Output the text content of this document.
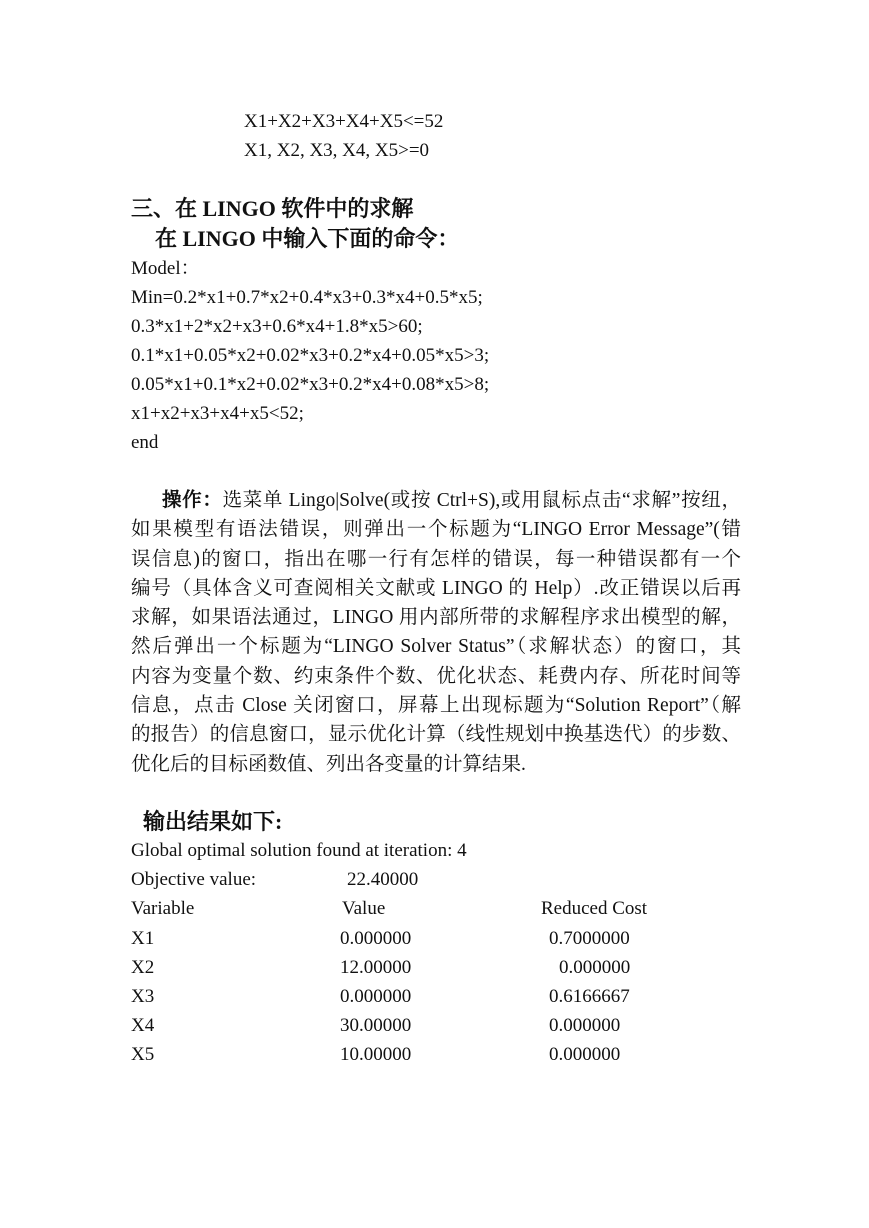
X1+X2+X3+X4+X5<=52
X1, X2, X3, X4, X5>=0
三、在 LINGO 软件中的求解
在 LINGO 中输入下面的命令：
Model：
Min=0.2*x1+0.7*x2+0.4*x3+0.3*x4+0.5*x5;
0.3*x1+2*x2+x3+0.6*x4+1.8*x5>60;
0.1*x1+0.05*x2+0.02*x3+0.2*x4+0.05*x5>3;
0.05*x1+0.1*x2+0.02*x3+0.2*x4+0.08*x5>8;
x1+x2+x3+x4+x5<52;
end
操作：选菜单 Lingo|Solve(或按 Ctrl+S),或用鼠标点击“求解”按纽，
如果模型有语法错误，则弹出一个标题为“LINGO Error Message”(错
误信息)的窗口，指出在哪一行有怎样的错误，每一种错误都有一个
编号（具体含义可查阅相关文献或 LINGO 的 Help）.改正错误以后再
求解，如果语法通过，LINGO 用内部所带的求解程序求出模型的解，
然后弹出一个标题为“LINGO Solver Status”（求解状态）的窗口，其
内容为变量个数、约束条件个数、优化状态、耗费内存、所花时间等
信息，点击 Close 关闭窗口，屏幕上出现标题为“Solution Report”（解
的报告）的信息窗口，显示优化计算（线性规划中换基迭代）的步数、
优化后的目标函数值、列出各变量的计算结果.
输出结果如下:
Global optimal solution found at iteration: 4
Objective value:	22.40000
Variable	Value	Reduced Cost
X1	0.000000	0.7000000
X2	12.00000	0.000000
X3	0.000000	0.6166667
X4	30.00000	0.000000
X5	10.00000	0.000000
